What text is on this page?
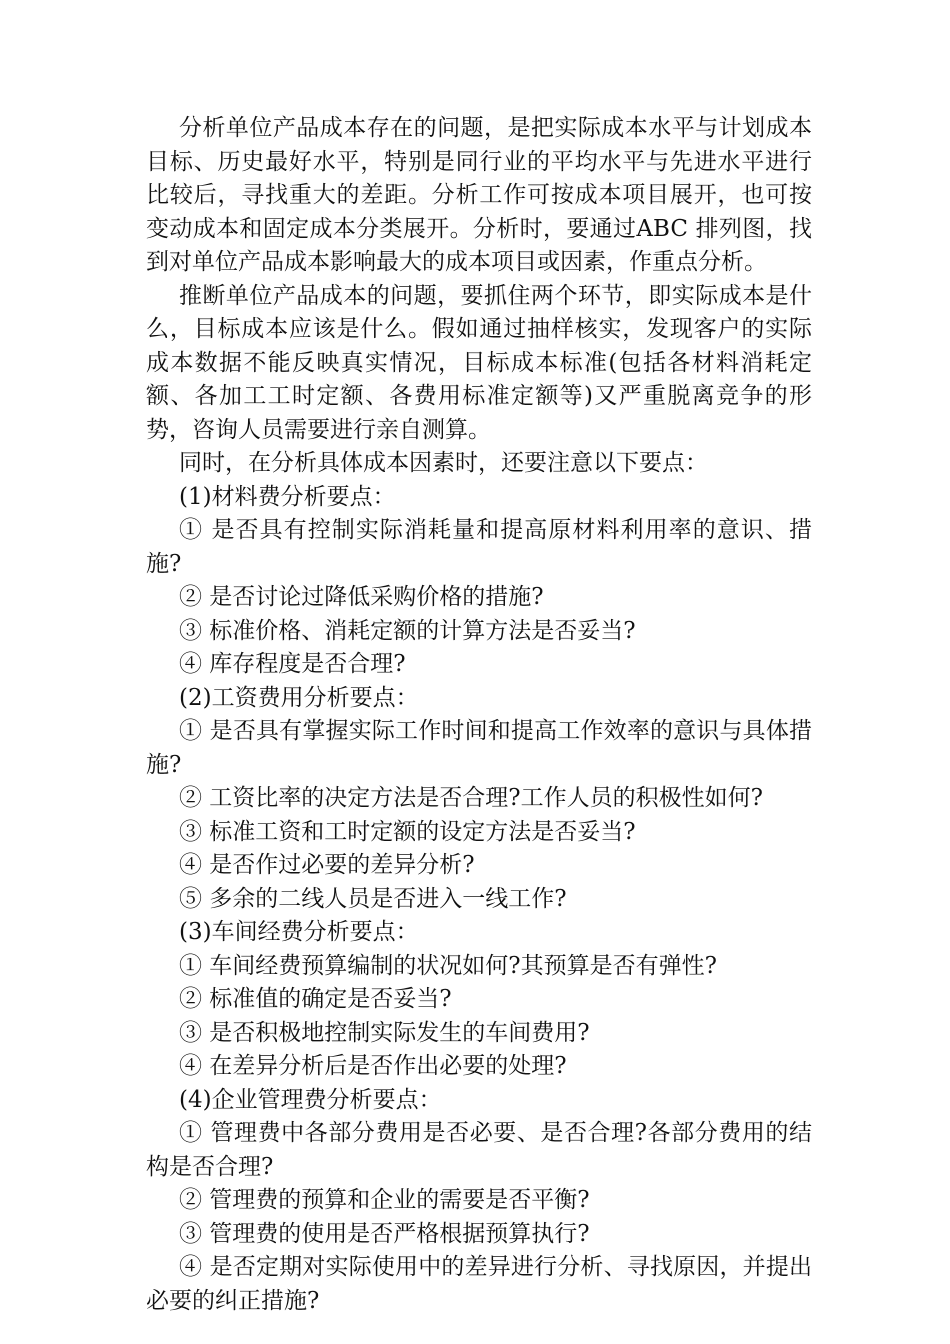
分析单位产品成本存在的问题，是把实际成本水平与计划成本目标、历史最好水平，特别是同行业的平均水平与先进水平进行比较后，寻找重大的差距。分析工作可按成本项目展开，也可按变动成本和固定成本分类展开。分析时，要通过ABC 排列图，找到对单位产品成本影响最大的成本项目或因素，作重点分析。

推断单位产品成本的问题，要抓住两个环节，即实际成本是什么，目标成本应该是什么。假如通过抽样核实，发现客户的实际成本数据不能反映真实情况，目标成本标准(包括各材料消耗定额、各加工工时定额、各费用标准定额等)又严重脱离竞争的形势，咨询人员需要进行亲自测算。

同时，在分析具体成本因素时，还要注意以下要点：

(1)材料费分析要点：

① 是否具有控制实际消耗量和提高原材料利用率的意识、措施?

② 是否讨论过降低采购价格的措施?

③ 标准价格、消耗定额的计算方法是否妥当?

④ 库存程度是否合理?

(2)工资费用分析要点：

① 是否具有掌握实际工作时间和提高工作效率的意识与具体措施?

② 工资比率的决定方法是否合理?工作人员的积极性如何?

③ 标准工资和工时定额的设定方法是否妥当?

④ 是否作过必要的差异分析?

⑤ 多余的二线人员是否进入一线工作?

(3)车间经费分析要点：

① 车间经费预算编制的状况如何?其预算是否有弹性?

② 标准值的确定是否妥当?

③ 是否积极地控制实际发生的车间费用?

④ 在差异分析后是否作出必要的处理?

(4)企业管理费分析要点：

① 管理费中各部分费用是否必要、是否合理?各部分费用的结构是否合理?

② 管理费的预算和企业的需要是否平衡?

③ 管理费的使用是否严格根据预算执行?

④ 是否定期对实际使用中的差异进行分析、寻找原因，并提出必要的纠正措施?
